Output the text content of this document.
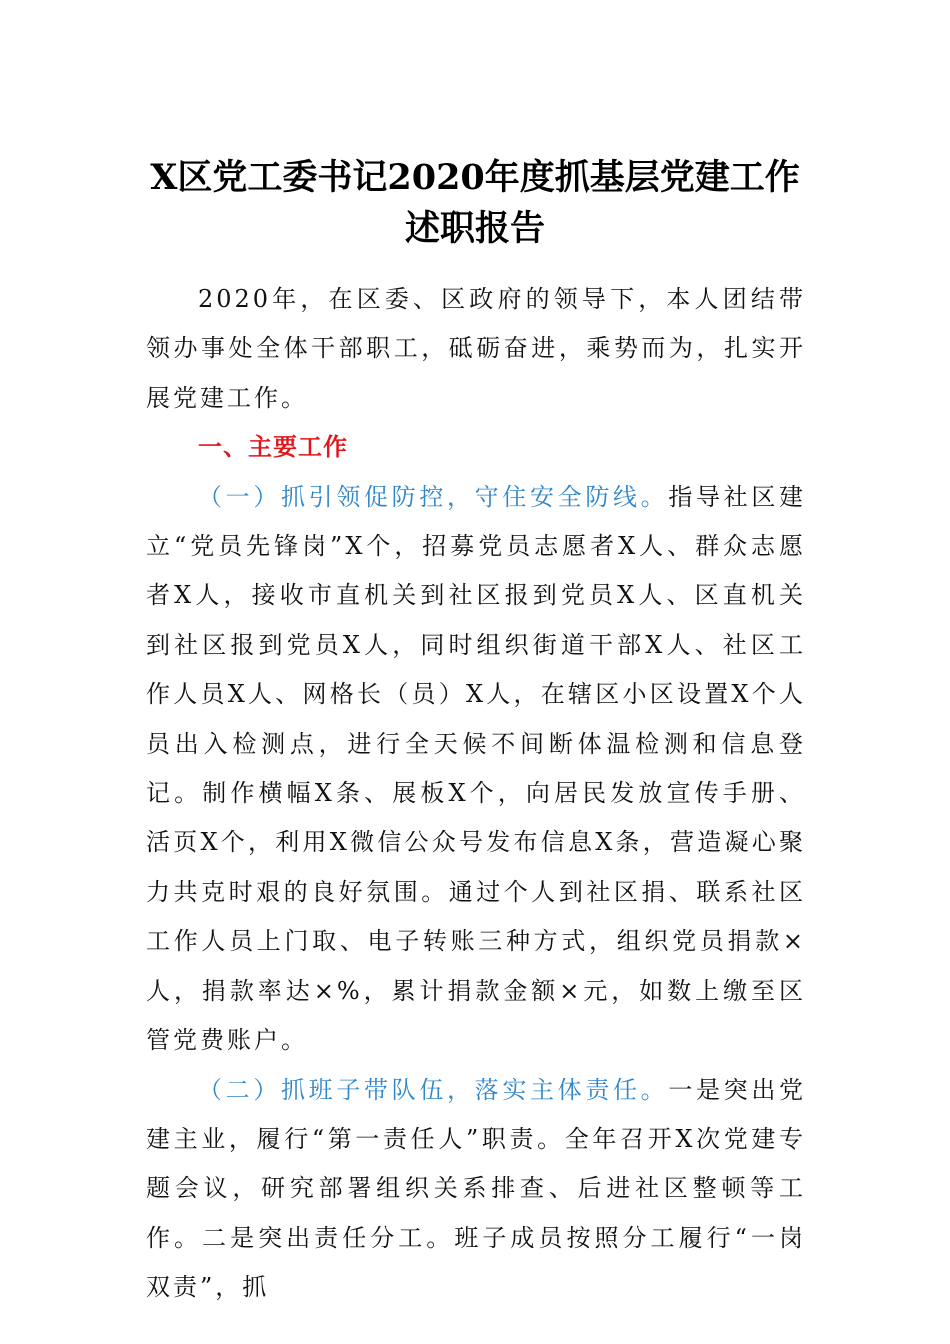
X区党工委书记2020年度抓基层党建工作
述职报告

2020年，在区委、区政府的领导下，本人团结带领办事处全体干部职工，砥砺奋进，乘势而为，扎实开展党建工作。

一、主要工作

（一）抓引领促防控，守住安全防线。指导社区建立“党员先锋岗”X个，招募党员志愿者X人、群众志愿者X人，接收市直机关到社区报到党员X人、区直机关到社区报到党员X人，同时组织街道干部X人、社区工作人员X人、网格长（员）X人，在辖区小区设置X个人员出入检测点，进行全天候不间断体温检测和信息登记。制作横幅X条、展板X个，向居民发放宣传手册、活页X个，利用X微信公众号发布信息X条，营造凝心聚力共克时艰的良好氛围。通过个人到社区捐、联系社区工作人员上门取、电子转账三种方式，组织党员捐款×人，捐款率达×%，累计捐款金额×元，如数上缴至区管党费账户。

（二）抓班子带队伍，落实主体责任。一是突出党建主业，履行“第一责任人”职责。全年召开X次党建专题会议，研究部署组织关系排查、后进社区整顿等工作。二是突出责任分工。班子成员按照分工履行“一岗双责”，抓
